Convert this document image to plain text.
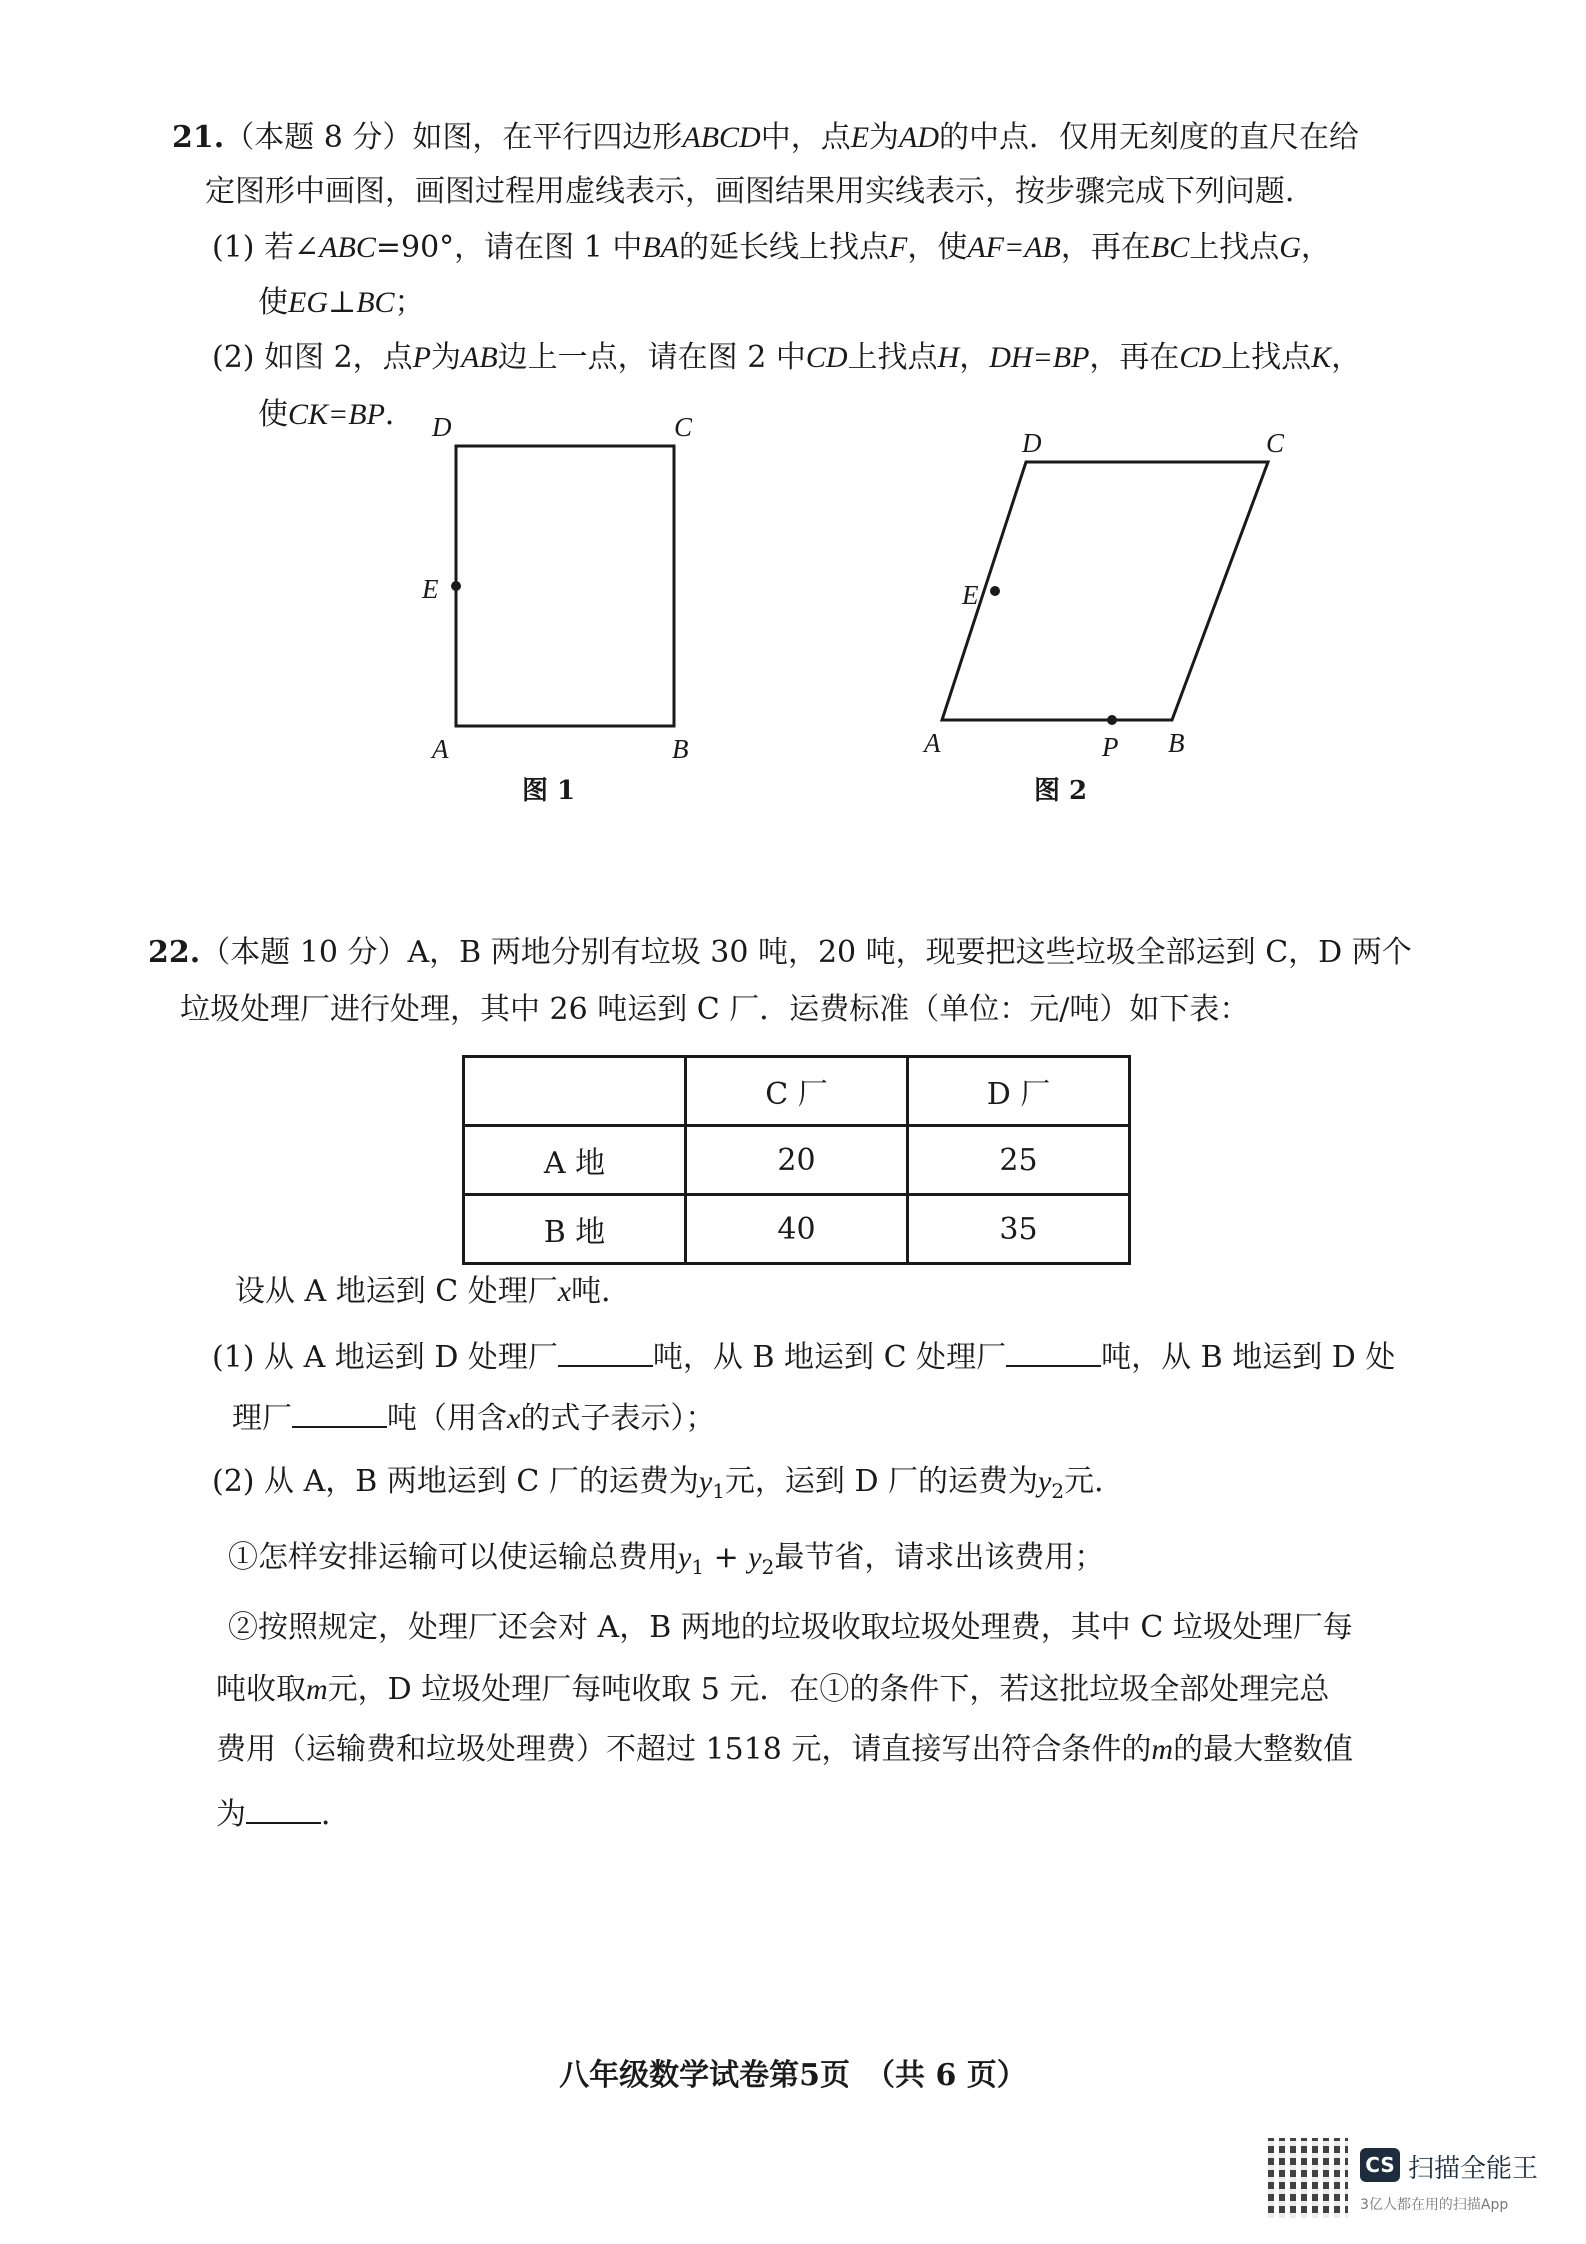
21.（本题 8 分）如图，在平行四边形ABCD中，点E为AD的中点．仅用无刻度的直尺在给
定图形中画图，画图过程用虚线表示，画图结果用实线表示，按步骤完成下列问题．
(1) 若∠ABC=90°，请在图 1 中BA的延长线上找点F，使AF=AB，再在BC上找点G，
使EG⊥BC；
(2) 如图 2，点P为AB边上一点，请在图 2 中CD上找点H，DH=BP，再在CD上找点K，
使CK=BP． D	C
E
A	B
图 1
D	C
E
A	P B
图 2
22.（本题 10 分）A，B 两地分别有垃圾 30 吨，20 吨，现要把这些垃圾全部运到 C，D 两个
垃圾处理厂进行处理，其中 26 吨运到 C 厂．运费标准（单位：元/吨）如下表：
	C 厂	D 厂
A 地	20	25
B 地	40	35
设从 A 地运到 C 处理厂x吨．
(1) 从 A 地运到 D 处理厂	吨，从 B 地运到 C 处理厂	吨，从 B 地运到 D 处
理厂	吨（用含x的式子表示）；
(2) 从 A，B 两地运到 C 厂的运费为$y_1$元，运到 D 厂的运费为$y_2$元．
①怎样安排运输可以使运输总费用$y_1 + y_2$最节省，请求出该费用；
②按照规定，处理厂还会对 A，B 两地的垃圾收取垃圾处理费，其中 C 垃圾处理厂每
吨收取m元，D 垃圾处理厂每吨收取 5 元．在①的条件下，若这批垃圾全部处理完总
费用（运输费和垃圾处理费）不超过 1518 元，请直接写出符合条件的m的最大整数值
为	．
八年级数学试卷第5页　（共 6 页）
CS 扫描全能王
3亿人都在用的扫描App
